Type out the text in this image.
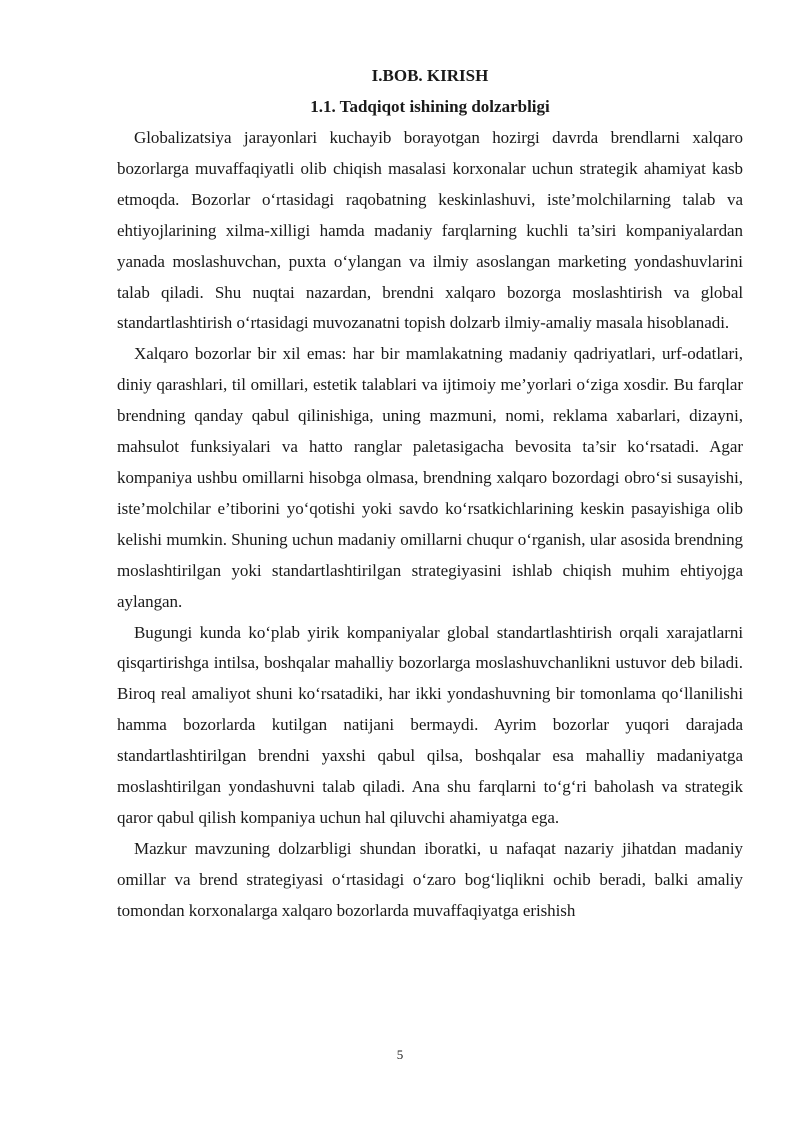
I.BOB. KIRISH
1.1. Tadqiqot ishining dolzarbligi

Globalizatsiya jarayonlari kuchayib borayotgan hozirgi davrda brendlarni xalqaro bozorlarga muvaffaqiyatli olib chiqish masalasi korxonalar uchun strategik ahamiyat kasb etmoqda. Bozorlar o‘rtasidagi raqobatning keskinlashuvi, iste’molchilarning talab va ehtiyojlarining xilma-xilligi hamda madaniy farqlarning kuchli ta’siri kompaniyalardan yanada moslashuvchan, puxta o‘ylangan va ilmiy asoslangan marketing yondashuvlarini talab qiladi. Shu nuqtai nazardan, brendni xalqaro bozorga moslashtirish va global standartlashtirish o‘rtasidagi muvozanatni topish dolzarb ilmiy-amaliy masala hisoblanadi.

Xalqaro bozorlar bir xil emas: har bir mamlakatning madaniy qadriyatlari, urf-odatlari, diniy qarashlari, til omillari, estetik talablari va ijtimoiy me’yorlari o‘ziga xosdir. Bu farqlar brendning qanday qabul qilinishiga, uning mazmuni, nomi, reklama xabarlari, dizayni, mahsulot funksiyalari va hatto ranglar paletasigacha bevosita ta’sir ko‘rsatadi. Agar kompaniya ushbu omillarni hisobga olmasa, brendning xalqaro bozordagi obro‘si susayishi, iste’molchilar e’tiborini yo‘qotishi yoki savdo ko‘rsatkichlarining keskin pasayishiga olib kelishi mumkin. Shuning uchun madaniy omillarni chuqur o‘rganish, ular asosida brendning moslashtirilgan yoki standartlashtirilgan strategiyasini ishlab chiqish muhim ehtiyojga aylangan.

Bugungi kunda ko‘plab yirik kompaniyalar global standartlashtirish orqali xarajatlarni qisqartirishga intilsa, boshqalar mahalliy bozorlarga moslashuvchanlikni ustuvor deb biladi. Biroq real amaliyot shuni ko‘rsatadiki, har ikki yondashuvning bir tomonlama qo‘llanilishi hamma bozorlarda kutilgan natijani bermaydi. Ayrim bozorlar yuqori darajada standartlashtirilgan brendni yaxshi qabul qilsa, boshqalar esa mahalliy madaniyatga moslashtirilgan yondashuvni talab qiladi. Ana shu farqlarni to‘g‘ri baholash va strategik qaror qabul qilish kompaniya uchun hal qiluvchi ahamiyatga ega.

Mazkur mavzuning dolzarbligi shundan iboratki, u nafaqat nazariy jihatdan madaniy omillar va brend strategiyasi o‘rtasidagi o‘zaro bog‘liqlikni ochib beradi, balki amaliy tomondan korxonalarga xalqaro bozorlarda muvaffaqiyatga erishish

5
